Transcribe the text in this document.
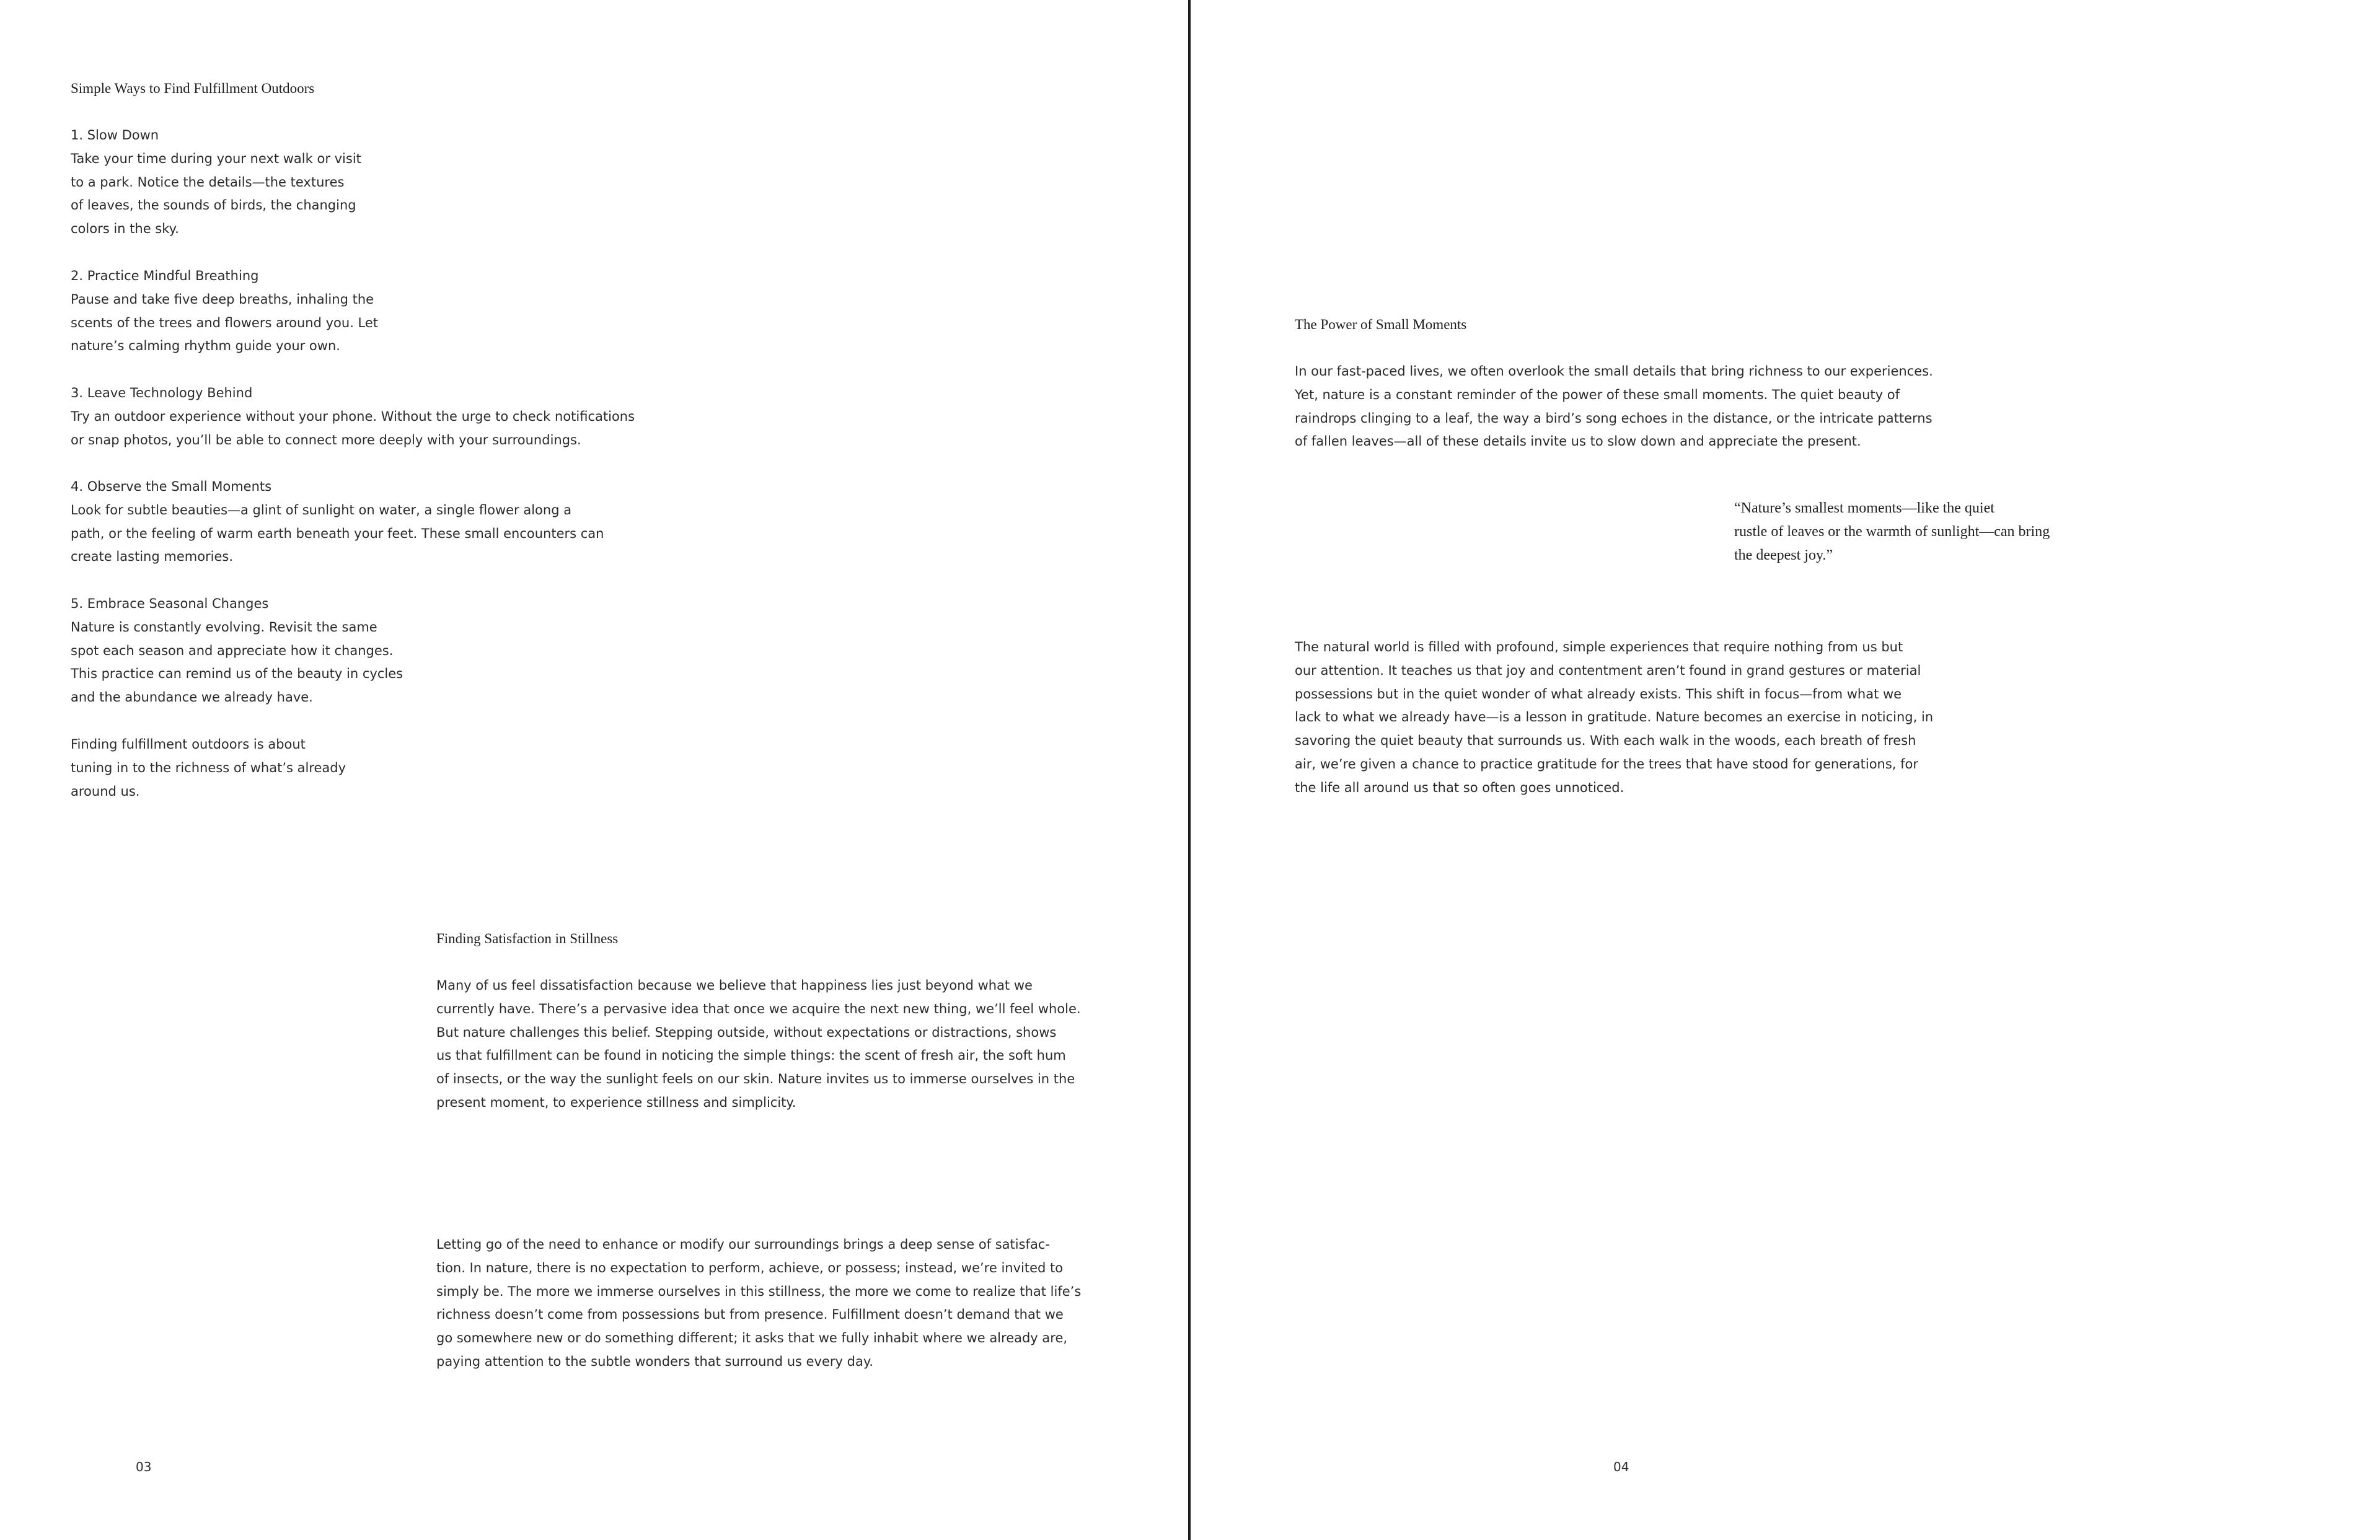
Simple Ways to Find Fulfillment Outdoors
1. Slow Down
Take your time during your next walk or visit
to a park. Notice the details—the textures
of leaves, the sounds of birds, the changing
colors in the sky.
2. Practice Mindful Breathing
Pause and take five deep breaths, inhaling the
scents of the trees and flowers around you. Let
nature’s calming rhythm guide your own.
3. Leave Technology Behind
Try an outdoor experience without your phone. Without the urge to check notifications
or snap photos, you’ll be able to connect more deeply with your surroundings.
4. Observe the Small Moments
Look for subtle beauties—a glint of sunlight on water, a single flower along a
path, or the feeling of warm earth beneath your feet. These small encounters can
create lasting memories.
5. Embrace Seasonal Changes
Nature is constantly evolving. Revisit the same
spot each season and appreciate how it changes.
This practice can remind us of the beauty in cycles
and the abundance we already have.
Finding fulfillment outdoors is about
tuning in to the richness of what’s already
around us.
Finding Satisfaction in Stillness
Many of us feel dissatisfaction because we believe that happiness lies just beyond what we
currently have. There’s a pervasive idea that once we acquire the next new thing, we’ll feel whole.
But nature challenges this belief. Stepping outside, without expectations or distractions, shows
us that fulfillment can be found in noticing the simple things: the scent of fresh air, the soft hum
of insects, or the way the sunlight feels on our skin. Nature invites us to immerse ourselves in the
present moment, to experience stillness and simplicity.
Letting go of the need to enhance or modify our surroundings brings a deep sense of satisfac-
tion. In nature, there is no expectation to perform, achieve, or possess; instead, we’re invited to
simply be. The more we immerse ourselves in this stillness, the more we come to realize that life’s
richness doesn’t come from possessions but from presence. Fulfillment doesn’t demand that we
go somewhere new or do something different; it asks that we fully inhabit where we already are,
paying attention to the subtle wonders that surround us every day.
03
The Power of Small Moments
In our fast-paced lives, we often overlook the small details that bring richness to our experiences.
Yet, nature is a constant reminder of the power of these small moments. The quiet beauty of
raindrops clinging to a leaf, the way a bird’s song echoes in the distance, or the intricate patterns
of fallen leaves—all of these details invite us to slow down and appreciate the present.
“Nature’s smallest moments—like the quiet
rustle of leaves or the warmth of sunlight—can bring
the deepest joy.”
The natural world is filled with profound, simple experiences that require nothing from us but
our attention. It teaches us that joy and contentment aren’t found in grand gestures or material
possessions but in the quiet wonder of what already exists. This shift in focus—from what we
lack to what we already have—is a lesson in gratitude. Nature becomes an exercise in noticing, in
savoring the quiet beauty that surrounds us. With each walk in the woods, each breath of fresh
air, we’re given a chance to practice gratitude for the trees that have stood for generations, for
the life all around us that so often goes unnoticed.
04
